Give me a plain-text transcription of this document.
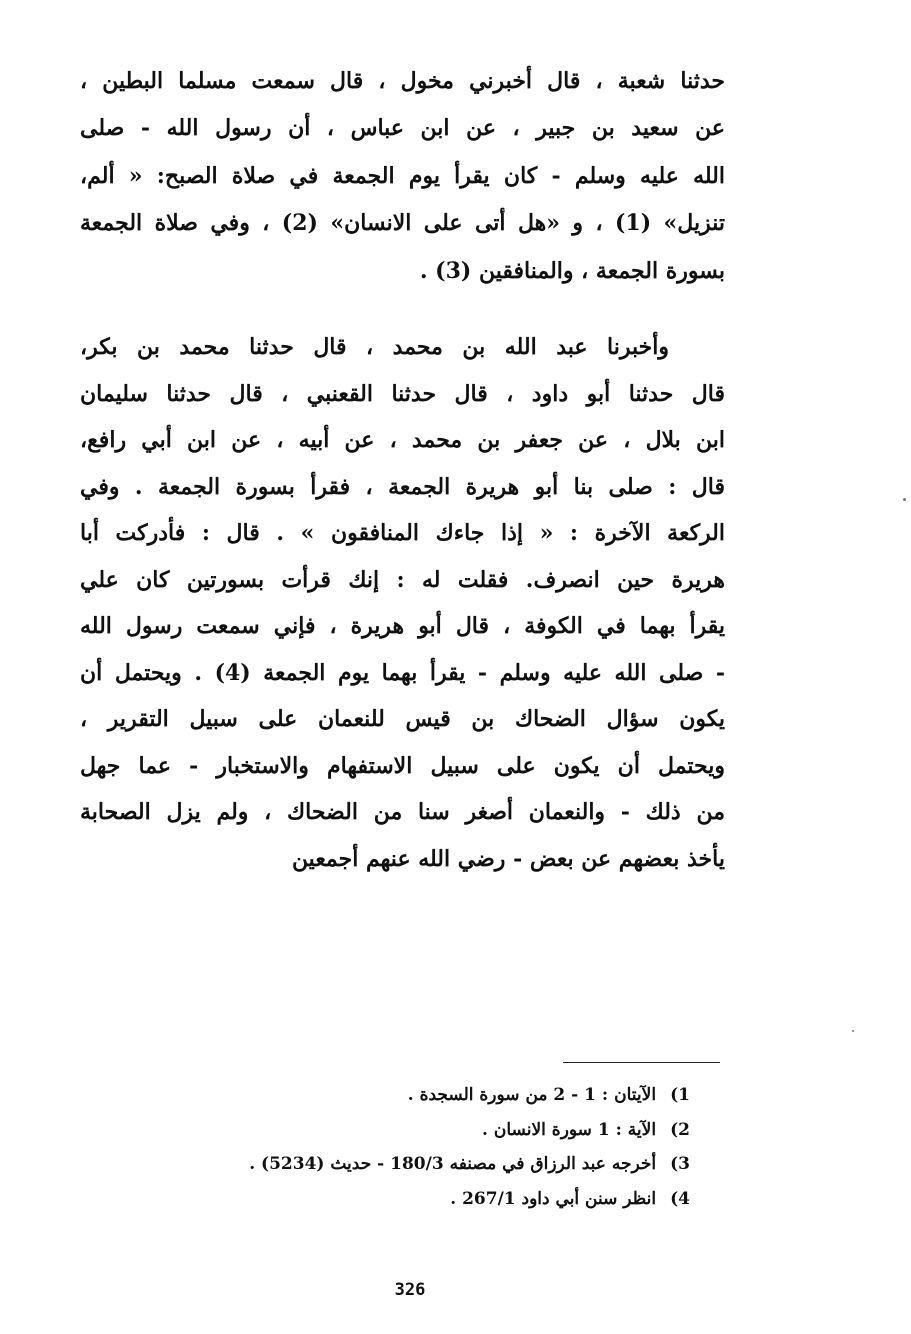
حدثنا شعبة ، قال أخبرني مخول ، قال سمعت مسلما البطين ،
عن سعيد بن جبير ، عن ابن عباس ، أن رسول الله - صلى
الله عليه وسلم - كان يقرأ يوم الجمعة في صلاة الصبح: « ألم،
تنزيل» (1) ، و «هل أتى على الانسان» (2) ، وفي صلاة الجمعة
بسورة الجمعة ، والمنافقين (3) .
وأخبرنا عبد الله بن محمد ، قال حدثنا محمد بن بكر،
قال حدثنا أبو داود ، قال حدثنا القعنبي ، قال حدثنا سليمان
ابن بلال ، عن جعفر بن محمد ، عن أبيه ، عن ابن أبي رافع،
قال : صلى بنا أبو هريرة الجمعة ، فقرأ بسورة الجمعة . وفي
الركعة الآخرة : « إذا جاءك المنافقون » . قال : فأدركت أبا
هريرة حين انصرف. فقلت له : إنك قرأت بسورتين كان علي
يقرأ بهما في الكوفة ، قال أبو هريرة ، فإني سمعت رسول الله
- صلى الله عليه وسلم - يقرأ بهما يوم الجمعة (4) . ويحتمل أن
يكون سؤال الضحاك بن قيس للنعمان على سبيل التقرير ،
ويحتمل أن يكون على سبيل الاستفهام والاستخبار - عما جهل
من ذلك - والنعمان أصغر سنا من الضحاك ، ولم يزل الصحابة
يأخذ بعضهم عن بعض - رضي الله عنهم أجمعين
1) الآيتان : 1 - 2 من سورة السجدة .
2) الآية : 1 سورة الانسان .
3) أخرجه عبد الرزاق في مصنفه 180/3 - حديث (5234) .
4) انظر سنن أبي داود 267/1 .
326
